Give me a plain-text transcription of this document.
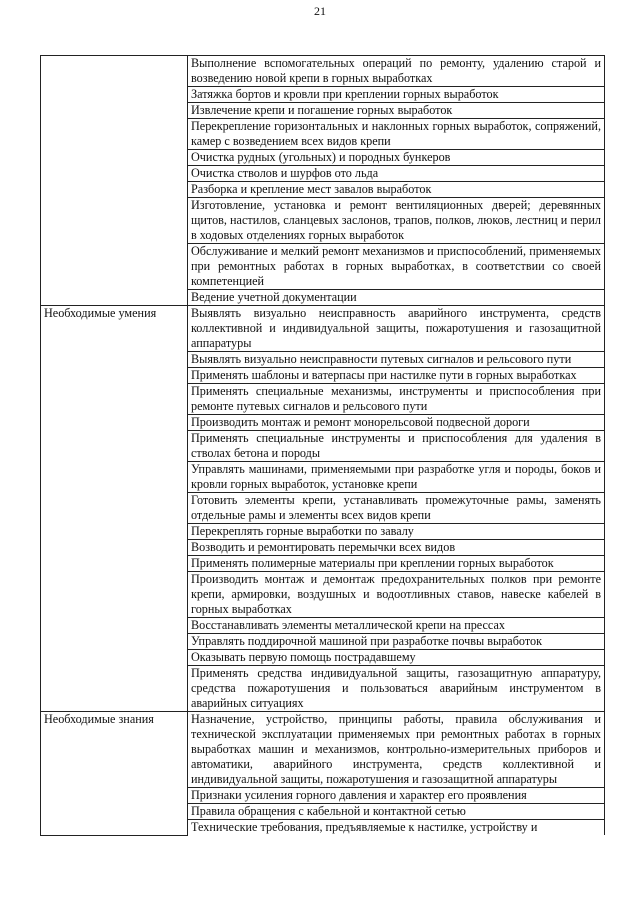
21
	Выполнение вспомогательных операций по ремонту, удалению старой и возведению новой крепи в горных выработках
	Затяжка бортов и кровли при креплении горных выработок
	Извлечение крепи и погашение горных выработок
	Перекрепление горизонтальных и наклонных горных выработок, сопряжений, камер с возведением всех видов крепи
	Очистка рудных (угольных) и породных бункеров
	Очистка стволов и шурфов ото льда
	Разборка и крепление мест завалов выработок
	Изготовление, установка и ремонт вентиляционных дверей; деревянных щитов, настилов, сланцевых заслонов, трапов, полков, люков, лестниц и перил в ходовых отделениях горных выработок
	Обслуживание и мелкий ремонт механизмов и приспособлений, применяемых при ремонтных работах в горных выработках, в соответствии со своей компетенцией
	Ведение учетной документации
Необходимые умения	Выявлять визуально неисправность аварийного инструмента, средств коллективной и индивидуальной защиты, пожаротушения и газозащитной аппаратуры
	Выявлять визуально неисправности путевых сигналов и рельсового пути
	Применять шаблоны и ватерпасы при настилке пути в горных выработках
	Применять специальные механизмы, инструменты и приспособления при ремонте путевых сигналов и рельсового пути
	Производить монтаж и ремонт монорельсовой подвесной дороги
	Применять специальные инструменты и приспособления для удаления в стволах бетона и породы
	Управлять машинами, применяемыми при разработке угля и породы, боков и кровли горных выработок, установке крепи
	Готовить элементы крепи, устанавливать промежуточные рамы, заменять отдельные рамы и элементы всех видов крепи
	Перекреплять горные выработки по завалу
	Возводить и ремонтировать перемычки всех видов
	Применять полимерные материалы при креплении горных выработок
	Производить монтаж и демонтаж предохранительных полков при ремонте крепи, армировки, воздушных и водоотливных ставов, навеске кабелей в горных выработках
	Восстанавливать элементы металлической крепи на прессах
	Управлять поддирочной машиной при разработке почвы выработок
	Оказывать первую помощь пострадавшему
	Применять средства индивидуальной защиты, газозащитную аппаратуру, средства пожаротушения и пользоваться аварийным инструментом в аварийных ситуациях
Необходимые знания	Назначение, устройство, принципы работы, правила обслуживания и технической эксплуатации применяемых при ремонтных работах в горных выработках машин и механизмов, контрольно-измерительных приборов и автоматики, аварийного инструмента, средств коллективной и индивидуальной защиты, пожаротушения и газозащитной аппаратуры
	Признаки усиления горного давления и характер его проявления
	Правила обращения с кабельной и контактной сетью
	Технические требования, предъявляемые к настилке, устройству и
